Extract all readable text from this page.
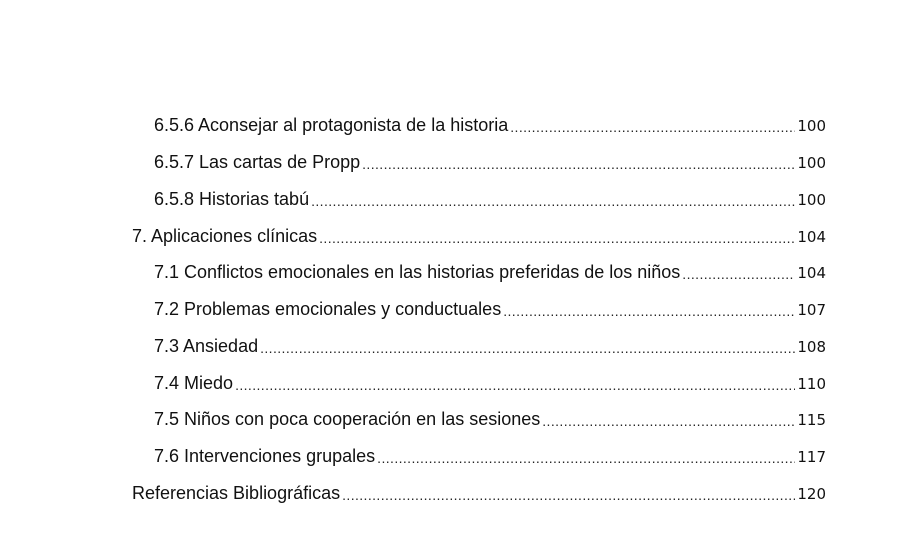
6.5.6 Aconsejar al protagonista de la historia .....	100
6.5.7 Las cartas de Propp .....	100
6.5.8 Historias tabú .....	100
7. Aplicaciones clínicas .....	104
7.1 Conflictos emocionales en las historias preferidas de los niños .....	104
7.2 Problemas emocionales y conductuales .....	107
7.3 Ansiedad .....	108
7.4 Miedo .....	110
7.5 Niños con poca cooperación en las sesiones .....	115
7.6 Intervenciones grupales .....	117
Referencias Bibliográficas .....	120
